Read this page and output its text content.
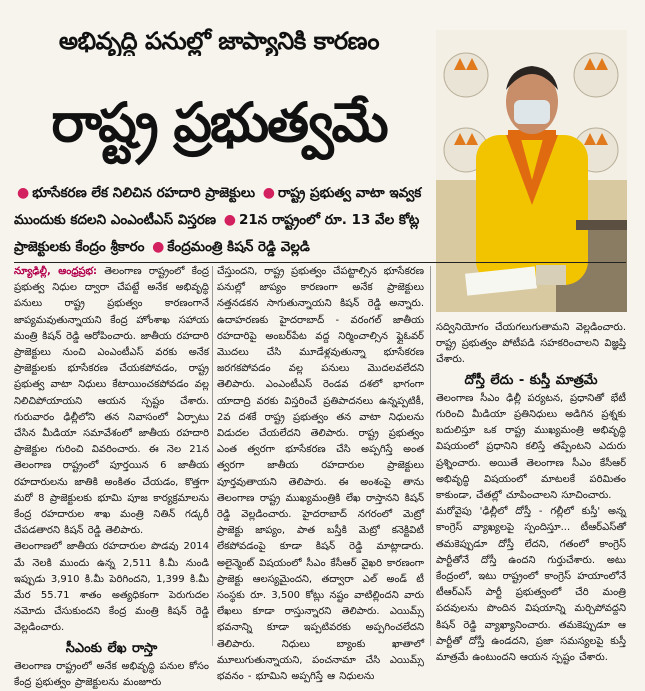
అభివృద్ధి పనుల్లో జాప్యానికి కారణం
రాష్ట్ర ప్రభుత్వమే
● భూసేకరణ లేక నిలిచిన రహదారి ప్రాజెక్టులు ● రాష్ట్ర ప్రభుత్వ వాటా ఇవ్వక ముందుకు కదలని ఎంఎంటీఎస్‌ విస్తరణ ● 21న రాష్ట్రంలో రూ. 13 వేల కోట్ల ప్రాజెక్టులకు కేంద్రం శ్రీకారం ● కేంద్రమంత్రి కిషన్‌ రెడ్డి వెల్లడి

న్యూఢిల్లీ, ఆంధ్రప్రభ: తెలంగాణ రాష్ట్రంలో కేంద్ర ప్రభుత్వ నిధుల ద్వారా చేపట్టే అనేక అభివృద్ధి పనులు రాష్ట్ర ప్రభుత్వం కారణంగానే జాప్యమవుతున్నాయని కేంద్ర హోంశాఖ సహాయ మంత్రి కిషన్‌ రెడ్డి ఆరోపించారు. జాతీయ రహదారి ప్రాజెక్టులు నుంచి ఎంఎంటీఎస్‌ వరకు అనేక ప్రాజెక్టులకు భూసేకరణ చేయకపోవడం, రాష్ట్ర ప్రభుత్వ వాటా నిధులు కేటాయించకపోవడం వల్ల నిలిచిపోయాయని ఆయన స్పష్టం చేశారు. గురువారం ఢిల్లీలోని తన నివాసంలో ఏర్పాటు చేసిన మీడియా సమావేశంలో జాతీయ రహదారి ప్రాజెక్టుల గురించి వివరించారు. ఈ నెల 21న తెలంగాణ రాష్ట్రంలో పూర్తయిన 6 జాతీయ రహదారులను జాతికి అంకితం చేయడం, కొత్తగా మరో 8 ప్రాజెక్టులకు భూమి పూజ కార్యక్రమాలను కేంద్ర రహదారుల శాఖ మంత్రి నితిన్‌ గడ్కరీ చేపడతారని కిషన్‌ రెడ్డి తెలిపారు.

తెలంగాణలో జాతీయ రహదారుల పొడవు 2014 మే నెలకి ముందు ఉన్న 2,511 కి.మీ నుండి ఇప్పుడు 3,910 కి.మీ పెరిగిందని, 1,399 కి.మీ మేర 55.71 శాతం అత్యధికంగా పెరుగుదల నమోదు చేసుకుందని కేంద్ర మంత్రి కిషన్‌ రెడ్డి వెల్లడించారు.

సీఎంకు లేఖ రాస్తా

తెలంగాణ రాష్ట్రంలో అనేక అభివృద్ధి పనుల కోసం కేంద్ర ప్రభుత్వం ప్రాజెక్టులను మంజూరు

చేస్తుందని, రాష్ట్ర ప్రభుత్వం చేపట్టాల్సిన భూసేకరణ పనుల్లో జాప్యం కారణంగా అనేక ప్రాజెక్టులు నత్తనడకన సాగుతున్నాయని కిషన్‌ రెడ్డి అన్నారు. ఉదాహరణకు హైదరాబాద్‌ - వరంగల్‌ జాతీయ రహదారిపై అంబర్‌పేట వద్ద నిర్మించాల్సిన ఫ్లైఓవర్‌ మొదలు చేసి మూడేళ్లవుతున్నా భూసేకరణ జరగకపోవడం వల్ల పనులు మొదలవలేదని తెలిపారు. ఎంఎంటీఎస్‌ రెండవ దశలో భాగంగా యాదాద్రి వరకు విస్తరించే ప్రతిపాదనలు ఉన్నప్పటికీ, 2వ దశకే రాష్ట్ర ప్రభుత్వం తన వాటా నిధులను విడుదల చేయలేదని తెలిపారు. రాష్ట్ర ప్రభుత్వం ఎంత త్వరగా భూసేకరణ చేసి అప్పగిస్తే అంత త్వరగా జాతీయ రహదారుల ప్రాజెక్టులు పూర్తవుతాయని తెలిపారు. ఈ అంశంపై తాను తెలంగాణ రాష్ట్ర ముఖ్యమంత్రికి లేఖ రాస్తానని కిషన్‌ రెడ్డి వెల్లడించారు. హైదరాబాద్‌ నగరంలో మెట్రో ప్రాజెక్టు జాప్యం, పాత బస్తీకి మెట్రో కనెక్టివిటీ లేకపోవడంపై కూడా కిషన్‌ రెడ్డి మాట్లాడారు. అలైన్మెంట్‌ విషయంలో సీఎం కేసీఆర్‌ వైఖరి కారణంగా ప్రాజెక్టు ఆలస్యమైందని, తద్వారా ఎల్‌ అండ్‌ టీ సంస్థకు రూ. 3,500 కోట్లు నష్టం వాటిల్లిందని వారు లేఖలు కూడా రాస్తున్నారని తెలిపారు. ఎయిమ్స్‌ భవనాన్ని కూడా ఇప్పటివరకు అప్పగించలేదని తెలిపారు. నిధులు బ్యాంకు ఖాతాలో మూలుగుతున్నాయని, పంచనామా చేసి ఎయిమ్స్‌ భవనం - భూమిని అప్పగిస్తే ఆ నిధులను

సద్వినియోగం చేయగలుగుతామని వెల్లడించారు. రాష్ట్ర ప్రభుత్వం పోటీపడి సహకరించాలని విజ్ఞప్తి చేశారు.

దోస్తీ లేదు - కుస్తీ మాత్రమే

తెలంగాణ సీఎం ఢిల్లీ పర్యటన, ప్రధానితో భేటీ గురించి మీడియా ప్రతినిధులు అడిగిన ప్రశ్నకు బదులిస్తూ ఒక రాష్ట్ర ముఖ్యమంత్రి అభివృద్ధి విషయంలో ప్రధానిని కలిస్తే తప్పేంటని ఎదురు ప్రశ్నించారు. అయితే తెలంగాణ సీఎం కేసీఆర్‌ అభివృద్ధి విషయంలో మాటలకే పరిమితం కాకుండా, చేతల్లో చూపించాలని సూచించారు.

మరోవైపు 'ఢిల్లీలో దోస్తీ - గల్లీలో కుస్తీ' అన్న కాంగ్రెస్‌ వ్యాఖ్యలపై స్పందిస్తూ... టీఆర్‌ఎస్‌తో తమకెప్పుడూ దోస్తీ లేదని, గతంలో కాంగ్రెస్‌ పార్టీతోనే దోస్తీ ఉందని గుర్తుచేశారు. అటు కేంద్రంలో, ఇటు రాష్ట్రంలో కాంగ్రెస్‌ హయాంలోనే టీఆర్‌ఎస్‌ పార్టీ ప్రభుత్వంలో చేరి మంత్రి పదవులను పొందిన విషయాన్ని మర్చిపోవద్దని కిషన్‌ రెడ్డి వ్యాఖ్యానించారు. తమకెప్పుడూ ఆ పార్టీతో దోస్తీ ఉండదని, ప్రజా సమస్యలపై కుస్తీ మాత్రమే ఉంటుందని ఆయన స్పష్టం చేశారు.
